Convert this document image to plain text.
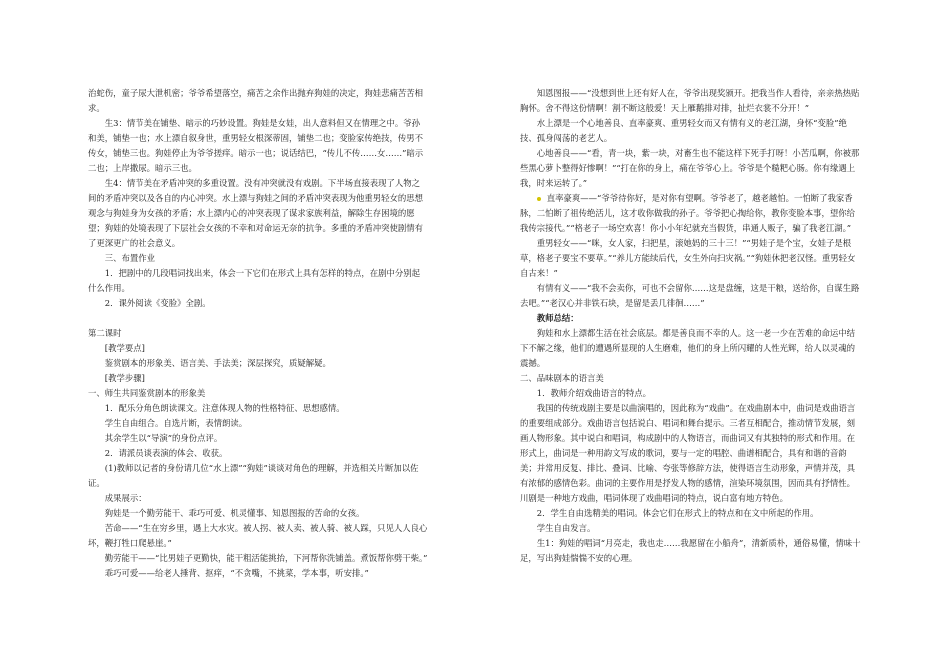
治蛇伤，童子尿大泄机密；爷爷希望落空，痛苦之余作出抛弃狗娃的决定，狗娃悲痛苦苦相求。

生3：情节美在铺垫、暗示的巧妙设置。狗娃是女娃，出人意料但又在情理之中。爷孙和美，铺垫一也；水上漂自叙身世，重男轻女根深蒂固，铺垫二也；变脸家传绝技，传男不传女，铺垫三也。狗娃停止为爷爷搓痒。暗示一也；说话结巴，“传儿不传……女……”暗示二也；上岸撒尿。暗示三也。

生4：情节美在矛盾冲突的多重设置。没有冲突就没有戏剧。下半场直接表现了人物之间的矛盾冲突以及各自的内心冲突。水上漂与狗娃之间的矛盾冲突表现为他重男轻女的思想观念与狗娃身为女孩的矛盾；水上漂内心的冲突表现了谋求家族利益，解除生存困境的愿望；狗娃的处境表现了下层社会女孩的不幸和对命运无奈的抗争。多重的矛盾冲突使剧情有了更深更广的社会意义。

三、布置作业

1．把剧中的几段唱词找出来，体会一下它们在形式上具有怎样的特点，在剧中分别起什么作用。

2．课外阅读《变脸》全剧。

第二课时

[教学要点]

鉴赏剧本的形象美、语言美、手法美；深层探究，质疑解疑。

[教学步骤]

一、师生共同鉴赏剧本的形象美

1．配乐分角色朗读课文。注意体现人物的性格特征、思想感情。

学生自由组合。自选片断，表情朗读。

其余学生以“导演”的身份点评。

2．请派员谈表演的体会、收获。

(1)教师以记者的身份请几位“水上漂”“狗娃”谈谈对角色的理解，并选相关片断加以佐证。

成果展示：

狗娃是一个勤劳能干、乖巧可爱、机灵懂事、知恩图报的苦命的女孩。

苦命——“生在穷乡里，遇上大水灾。被人拐、被人卖、被人骑、被人踩，只见人人良心坏，鞭打牲口爬悬崖。”

勤劳能干——“比男娃子更勤快，能干粗活能挑抬，下河帮你洗铺盖。煮饭帮你劈干柴。”

乖巧可爱——给老人捶背、抠痒，“不贪嘴，不挑菜，学本事，听安排。”

知恩图报——“没想到世上还有好人在，爷爷出现奖颁开。把我当作人看待，亲亲热热贴胸怀。舍不得这份情啊！割不断这般爱！天上雁鹅排对排，扯烂衣裳不分开！”

水上漂是一个心地善良、直率豪爽、重男轻女而又有情有义的老江湖，身怀“变脸”绝技、孤身闯荡的老艺人。

心地善良——“看，青一块，紫一块，对畜生也不能这样下死手打呀！小苦瓜啊，你被那些黑心萝卜整得好惨啊！”“打在你的身上，痛在爷爷心上。爷爷是个糙粑心肠。你有缘遇上我，时来运转了。”

直率豪爽——“爷爷待你好，是对你有望啊。爷爷老了，越老越怕。一怕断了我家香脉，二怕断了祖传绝活儿，这才收你做我的孙子。爷爷把心掏给你，教你变脸本事，望你给我传宗接代。”“格老子一场空欢喜！你小小年纪就充当假货，串通人贩子，骗了我老江湖。”

重男轻女——“咪，女人家，扫把星，滚她妈的三十三！”“男娃子是个宝，女娃子是根草，格老子要宝不要草。”“养儿方能续后代，女生外向扫灾祸。”“狗娃休把老汉怪。重男轻女自古来！”

有情有义——“我不会卖你，可也不会留你……这是盘缠，这是干粮，送给你，自谋生路去吧。”“老汉心并非铁石块，是留是丢几徘徊……”

教师总结：

狗娃和水上漂都生活在社会底层。都是善良而不幸的人。这一老一少在苦难的命运中结下不解之缘，他们的遭遇所显现的人生磨难，他们的身上所闪耀的人性光辉，给人以灵魂的震撼。

二、品味剧本的语言美

1．教师介绍戏曲语言的特点。

我国的传统戏剧主要是以曲演唱的，因此称为“戏曲”。在戏曲剧本中，曲词是戏曲语言的重要组成部分。戏曲语言包括说白、唱词和舞台提示。三者互相配合，推动情节发展，刻画人物形象。其中说白和唱词，构成剧中的人物语言，而曲词又有其独特的形式和作用。在形式上，曲词是一种用韵文写成的歌词，要与一定的唱腔、曲谱相配合，具有和谐的音韵美；并常用反复、排比、叠词、比喻、夸张等修辞方法，使得语言生动形象，声情并茂，具有浓郁的感情色彩。曲词的主要作用是抒发人物的感情，渲染环境氛围，因而具有抒情性。川剧是一种地方戏曲，唱词体现了戏曲唱词的特点，说白富有地方特色。

2．学生自由选精美的唱词。体会它们在形式上的特点和在文中所起的作用。

学生自由发言。

生1：狗娃的唱词“月亮走，我也走……我愿留在小船舟”，清新质朴，通俗易懂，情味十足，写出狗娃惴惴不安的心理。
